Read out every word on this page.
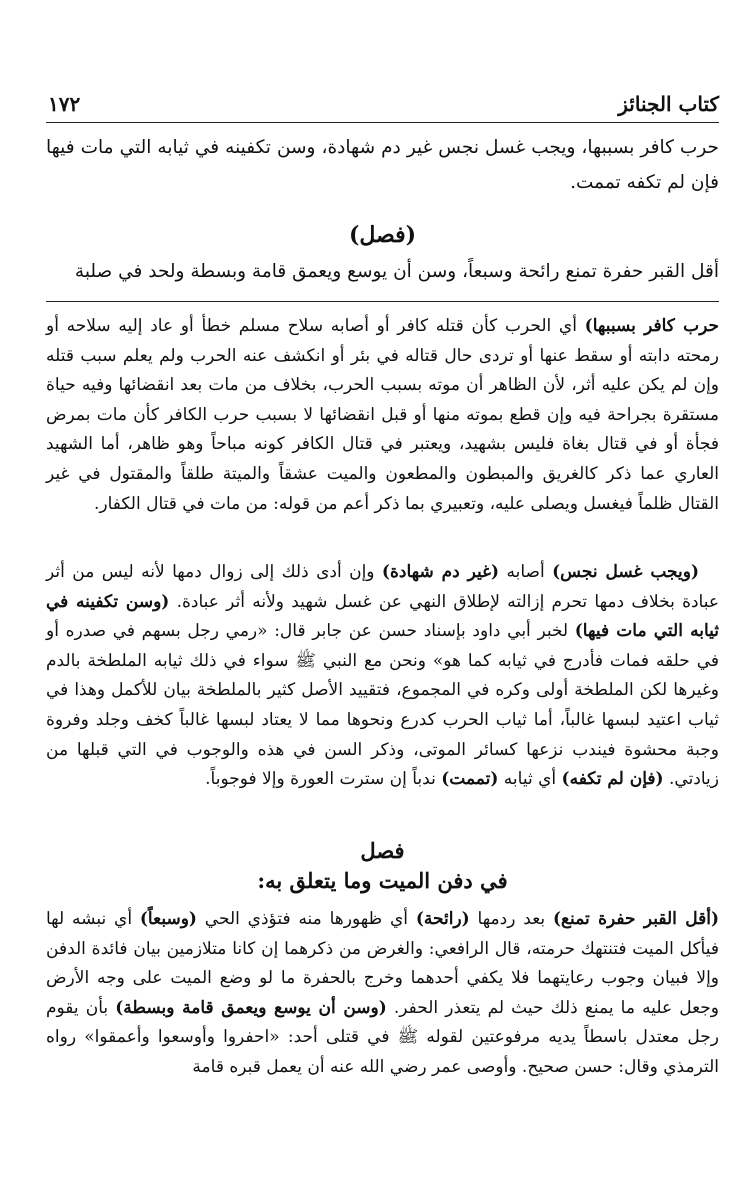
كتاب الجنائز
١٧٢
حرب كافر بسببها، ويجب غسل نجس غير دم شهادة، وسن تكفينه في ثيابه التي مات فيها فإن لم تكفه تممت.
(فصل)
أقل القبر حفرة تمنع رائحة وسبعاً، وسن أن يوسع ويعمق قامة وبسطة ولحد في صلبة
حرب كافر بسببها) أي الحرب كأن قتله كافر أو أصابه سلاح مسلم خطأ أو عاد إليه سلاحه أو رمحته دابته أو سقط عنها أو تردى حال قتاله في بئر أو انكشف عنه الحرب ولم يعلم سبب قتله وإن لم يكن عليه أثر، لأن الظاهر أن موته بسبب الحرب، بخلاف من مات بعد انقضائها وفيه حياة مستقرة بجراحة فيه وإن قطع بموته منها أو قبل انقضائها لا بسبب حرب الكافر كأن مات بمرض فجأة أو في قتال بغاة فليس بشهيد، ويعتبر في قتال الكافر كونه مباحاً وهو ظاهر، أما الشهيد العاري عما ذكر كالغريق والمبطون والمطعون والميت عشقاً والميتة طلقاً والمقتول في غير القتال ظلماً فيغسل ويصلى عليه، وتعبيري بما ذكر أعم من قوله: من مات في قتال الكفار.
(ويجب غسل نجس) أصابه (غير دم شهادة) وإن أدى ذلك إلى زوال دمها لأنه ليس من أثر عبادة بخلاف دمها تحرم إزالته لإطلاق النهي عن غسل شهيد ولأنه أثر عبادة. (وسن تكفينه في ثيابه التي مات فيها) لخبر أبي داود بإسناد حسن عن جابر قال: «رمي رجل بسهم في صدره أو في حلقه فمات فأدرج في ثيابه كما هو» ونحن مع النبي ﷺ سواء في ذلك ثيابه الملطخة بالدم وغيرها لكن الملطخة أولى وكره في المجموع، فتقييد الأصل كثير بالملطخة بيان للأكمل وهذا في ثياب اعتيد لبسها غالباً، أما ثياب الحرب كدرع ونحوها مما لا يعتاد لبسها غالباً كخف وجلد وفروة وجبة محشوة فيندب نزعها كسائر الموتى، وذكر السن في هذه والوجوب في التي قبلها من زيادتي. (فإن لم تكفه) أي ثيابه (تممت) ندباً إن سترت العورة وإلا فوجوباً.
فصل
في دفن الميت وما يتعلق به:
(أقل القبر حفرة تمنع) بعد ردمها (رائحة) أي ظهورها منه فتؤذي الحي (وسبعاً) أي نبشه لها فيأكل الميت فتنتهك حرمته، قال الرافعي: والغرض من ذكرهما إن كانا متلازمين بيان فائدة الدفن وإلا فبيان وجوب رعايتهما فلا يكفي أحدهما وخرج بالحفرة ما لو وضع الميت على وجه الأرض وجعل عليه ما يمنع ذلك حيث لم يتعذر الحفر. (وسن أن يوسع ويعمق قامة وبسطة) بأن يقوم رجل معتدل باسطاً يديه مرفوعتين لقوله ﷺ في قتلى أحد: «احفروا وأوسعوا وأعمقوا» رواه الترمذي وقال: حسن صحيح. وأوصى عمر رضي الله عنه أن يعمل قبره قامة
